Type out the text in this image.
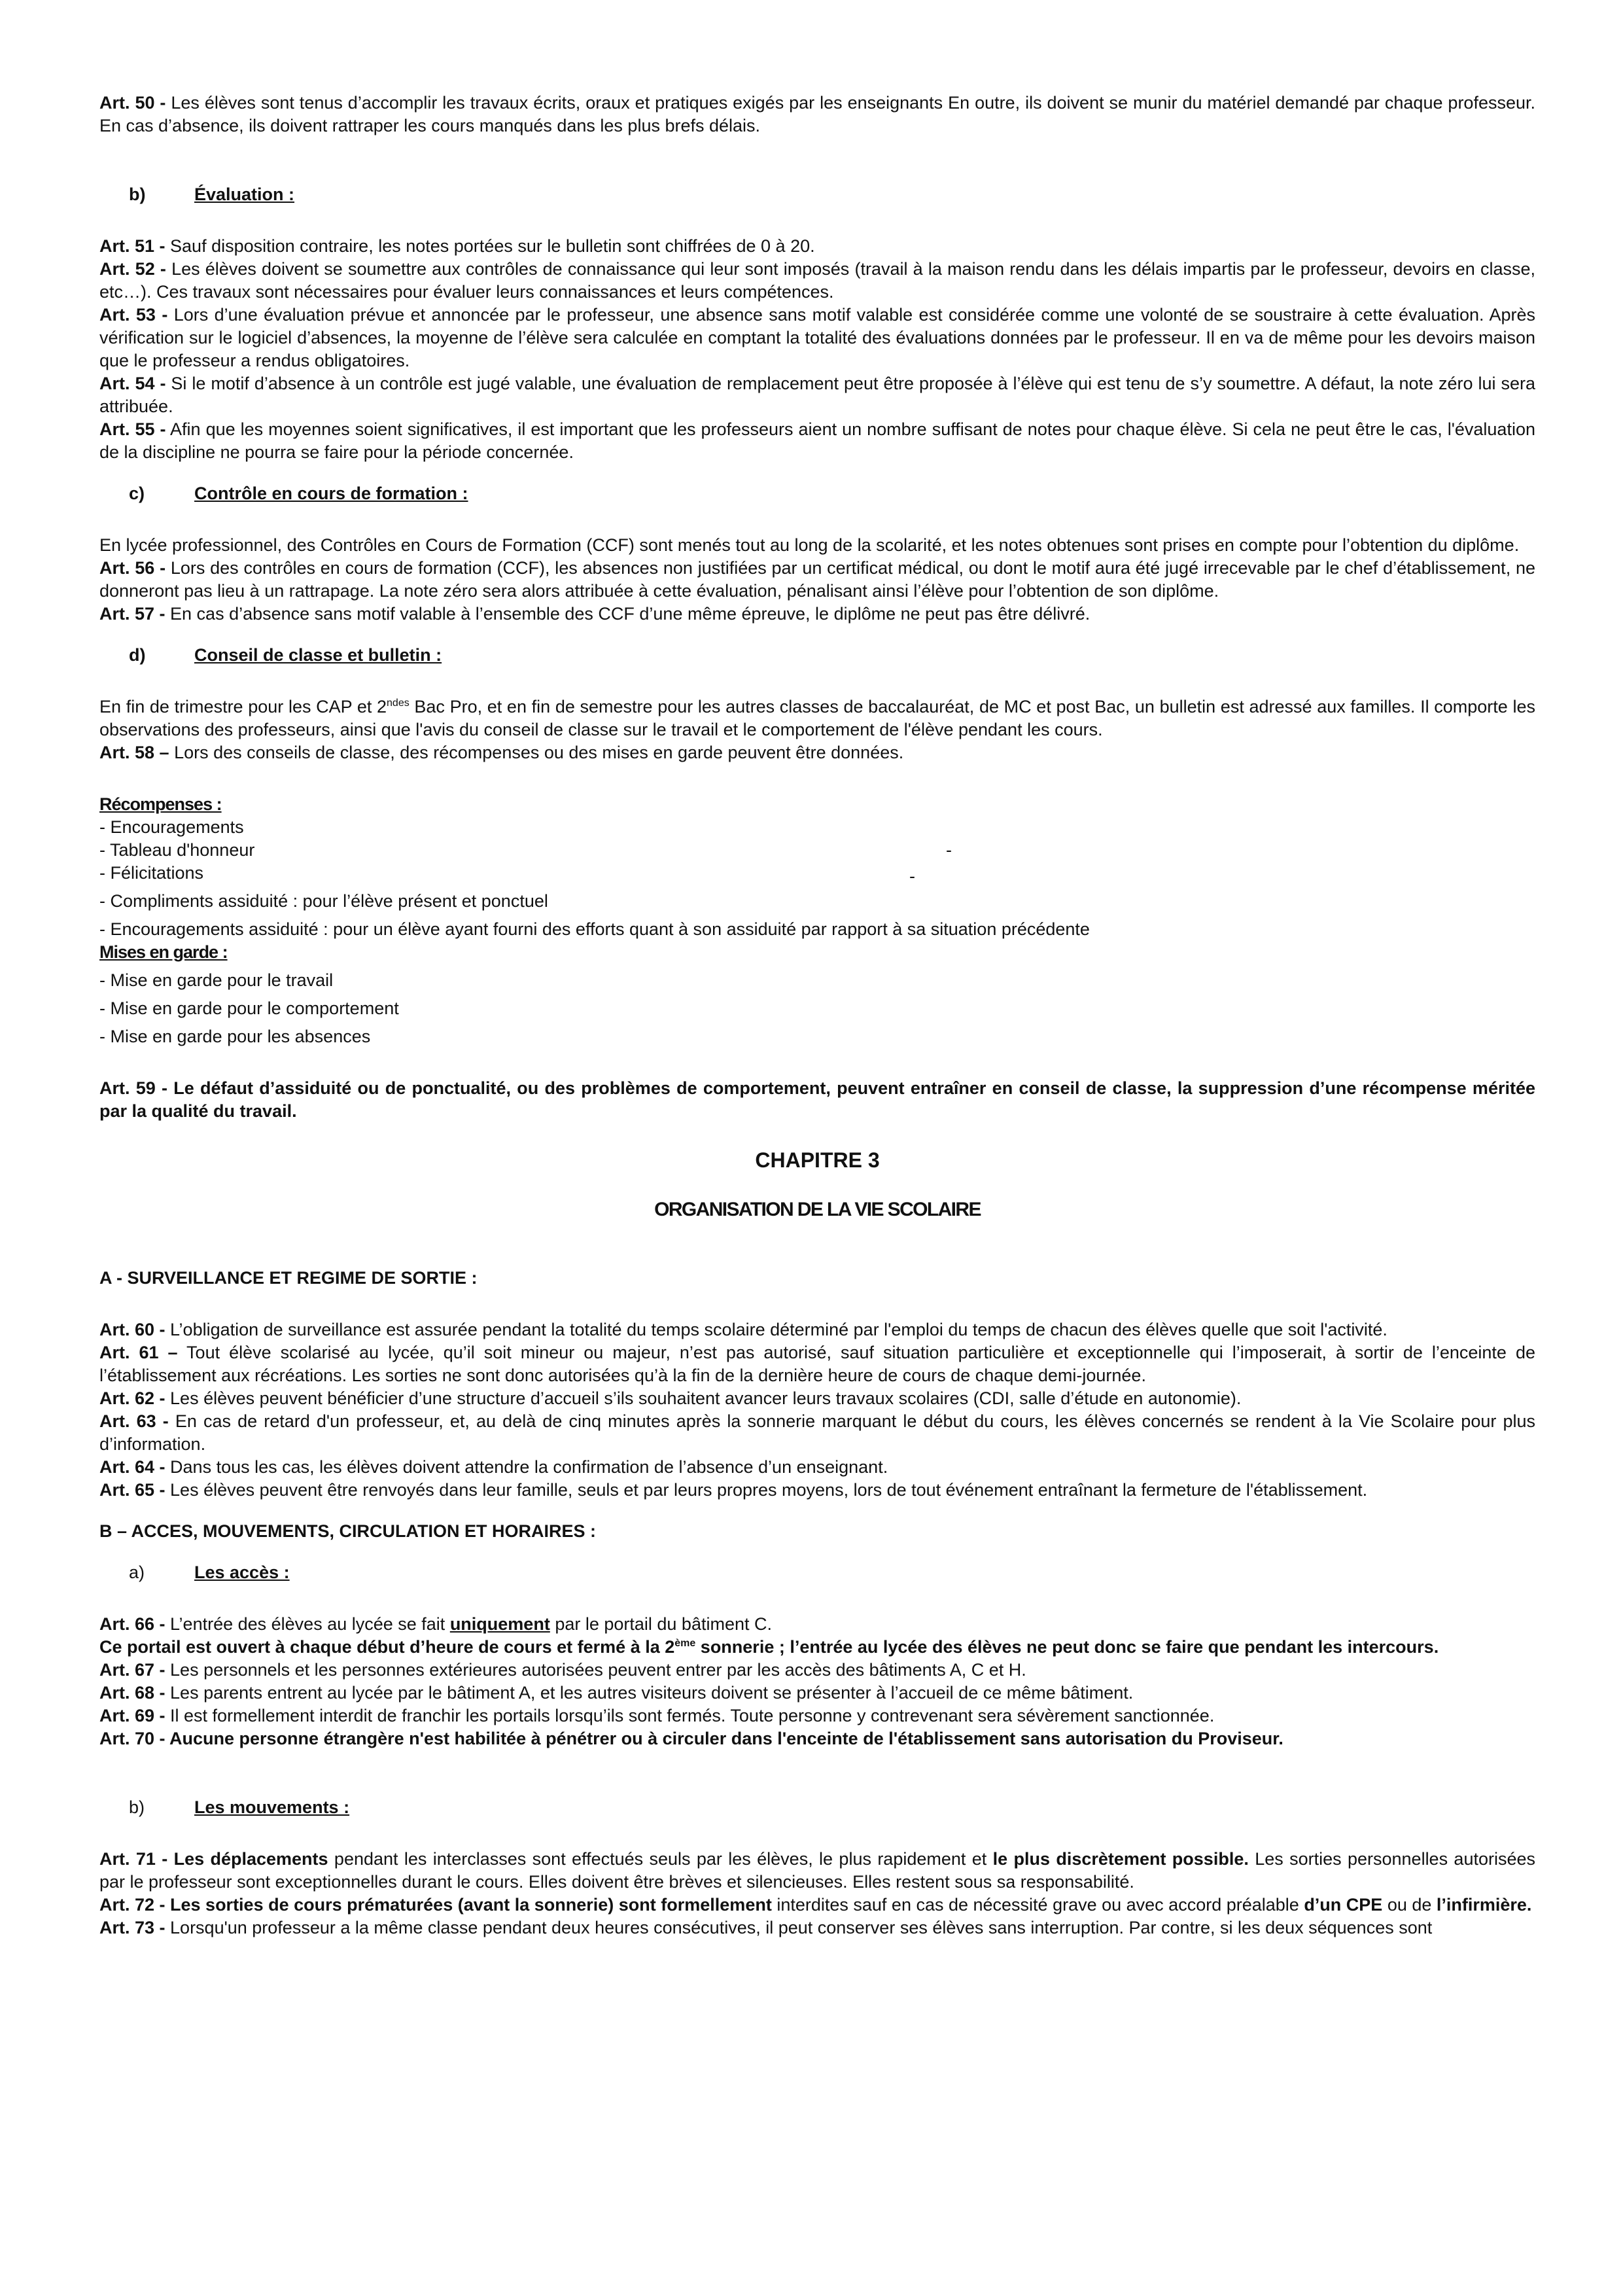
Art. 50 - Les élèves sont tenus d’accomplir les travaux écrits, oraux et pratiques exigés par les enseignants En outre, ils doivent se munir du matériel demandé par chaque professeur. En cas d’absence, ils doivent rattraper les cours manqués dans les plus brefs délais.

b)	Évaluation :

Art. 51 - Sauf disposition contraire, les notes portées sur le bulletin sont chiffrées de 0 à 20.

Art. 52 - Les élèves doivent se soumettre aux contrôles de connaissance qui leur sont imposés (travail à la maison rendu dans les délais impartis par le professeur, devoirs en classe, etc…). Ces travaux sont nécessaires pour évaluer leurs connaissances et leurs compétences.

Art. 53 - Lors d’une évaluation prévue et annoncée par le professeur, une absence sans motif valable est considérée comme une volonté de se soustraire à cette évaluation. Après vérification sur le logiciel d’absences, la moyenne de l’élève sera calculée en comptant la totalité des évaluations données par le professeur. Il en va de même pour les devoirs maison que le professeur a rendus obligatoires.

Art. 54 - Si le motif d’absence à un contrôle est jugé valable, une évaluation de remplacement peut être proposée à l’élève qui est tenu de s’y soumettre. A défaut, la note zéro lui sera attribuée.

Art. 55 - Afin que les moyennes soient significatives, il est important que les professeurs aient un nombre suffisant de notes pour chaque élève. Si cela ne peut être le cas, l'évaluation de la discipline ne pourra se faire pour la période concernée.

c)	Contrôle en cours de formation :

En lycée professionnel, des Contrôles en Cours de Formation (CCF) sont menés tout au long de la scolarité, et les notes obtenues sont prises en compte pour l’obtention du diplôme.

Art. 56 - Lors des contrôles en cours de formation (CCF), les absences non justifiées par un certificat médical, ou dont le motif aura été jugé irrecevable par le chef d’établissement, ne donneront pas lieu à un rattrapage. La note zéro sera alors attribuée à cette évaluation, pénalisant ainsi l’élève pour l’obtention de son diplôme.

Art. 57 - En cas d’absence sans motif valable à l’ensemble des CCF d’une même épreuve, le diplôme ne peut pas être délivré.

d)	Conseil de classe et bulletin :

En fin de trimestre pour les CAP et $2^{ndes}$ Bac Pro, et en fin de semestre pour les autres classes de baccalauréat, de MC et post Bac, un bulletin est adressé aux familles. Il comporte les observations des professeurs, ainsi que l'avis du conseil de classe sur le travail et le comportement de l'élève pendant les cours.

Art. 58 – Lors des conseils de classe, des récompenses ou des mises en garde peuvent être données.

Récompenses :

- Encouragements

- Tableau d'honneur

- Félicitations

- Compliments assiduité : pour l’élève présent et ponctuel

- Encouragements assiduité : pour un élève ayant fourni des efforts quant à son assiduité par rapport à sa situation précédente

-
-

Mises en garde :

- Mise en garde pour le travail

- Mise en garde pour le comportement

- Mise en garde pour les absences

Art. 59 - Le défaut d’assiduité ou de ponctualité, ou des problèmes de comportement, peuvent entraîner en conseil de classe, la suppression d’une récompense méritée par la qualité du travail.

CHAPITRE 3

ORGANISATION DE LA VIE SCOLAIRE

A - SURVEILLANCE ET REGIME DE SORTIE :

Art. 60 - L’obligation de surveillance est assurée pendant la totalité du temps scolaire déterminé par l'emploi du temps de chacun des élèves quelle que soit l'activité.

Art. 61 – Tout élève scolarisé au lycée, qu’il soit mineur ou majeur, n’est pas autorisé, sauf situation particulière et exceptionnelle qui l’imposerait, à sortir de l’enceinte de l’établissement aux récréations. Les sorties ne sont donc autorisées qu’à la fin de la dernière heure de cours de chaque demi-journée.

Art. 62 - Les élèves peuvent bénéficier d’une structure d’accueil s’ils souhaitent avancer leurs travaux scolaires (CDI, salle d’étude en autonomie).

Art. 63 - En cas de retard d'un professeur, et, au delà de cinq minutes après la sonnerie marquant le début du cours, les élèves concernés se rendent à la Vie Scolaire pour plus d’information.

Art. 64 - Dans tous les cas, les élèves doivent attendre la confirmation de l’absence d’un enseignant.

Art. 65 - Les élèves peuvent être renvoyés dans leur famille, seuls et par leurs propres moyens, lors de tout événement entraînant la fermeture de l'établissement.

B – ACCES, MOUVEMENTS, CIRCULATION ET HORAIRES :

a)	Les accès :

Art. 66 - L’entrée des élèves au lycée se fait uniquement par le portail du bâtiment C.

Ce portail est ouvert à chaque début d’heure de cours et fermé à la 2ème sonnerie ; l’entrée au lycée des élèves ne peut donc se faire que pendant les intercours.

Art. 67 - Les personnels et les personnes extérieures autorisées peuvent entrer par les accès des bâtiments A, C et H.

Art. 68 - Les parents entrent au lycée par le bâtiment A, et les autres visiteurs doivent se présenter à l’accueil de ce même bâtiment.

Art. 69 - Il est formellement interdit de franchir les portails lorsqu’ils sont fermés. Toute personne y contrevenant sera sévèrement sanctionnée.

Art. 70 - Aucune personne étrangère n'est habilitée à pénétrer ou à circuler dans l'enceinte de l'établissement sans autorisation du Proviseur.

b)	Les mouvements :

Art. 71 - Les déplacements pendant les interclasses sont effectués seuls par les élèves, le plus rapidement et le plus discrètement possible. Les sorties personnelles autorisées par le professeur sont exceptionnelles durant le cours. Elles doivent être brèves et silencieuses. Elles restent sous sa responsabilité.

Art. 72 - Les sorties de cours prématurées (avant la sonnerie) sont formellement interdites sauf en cas de nécessité grave ou avec accord préalable d’un CPE ou de l’infirmière.

Art. 73 - Lorsqu'un professeur a la même classe pendant deux heures consécutives, il peut conserver ses élèves sans interruption. Par contre, si les deux séquences sont
